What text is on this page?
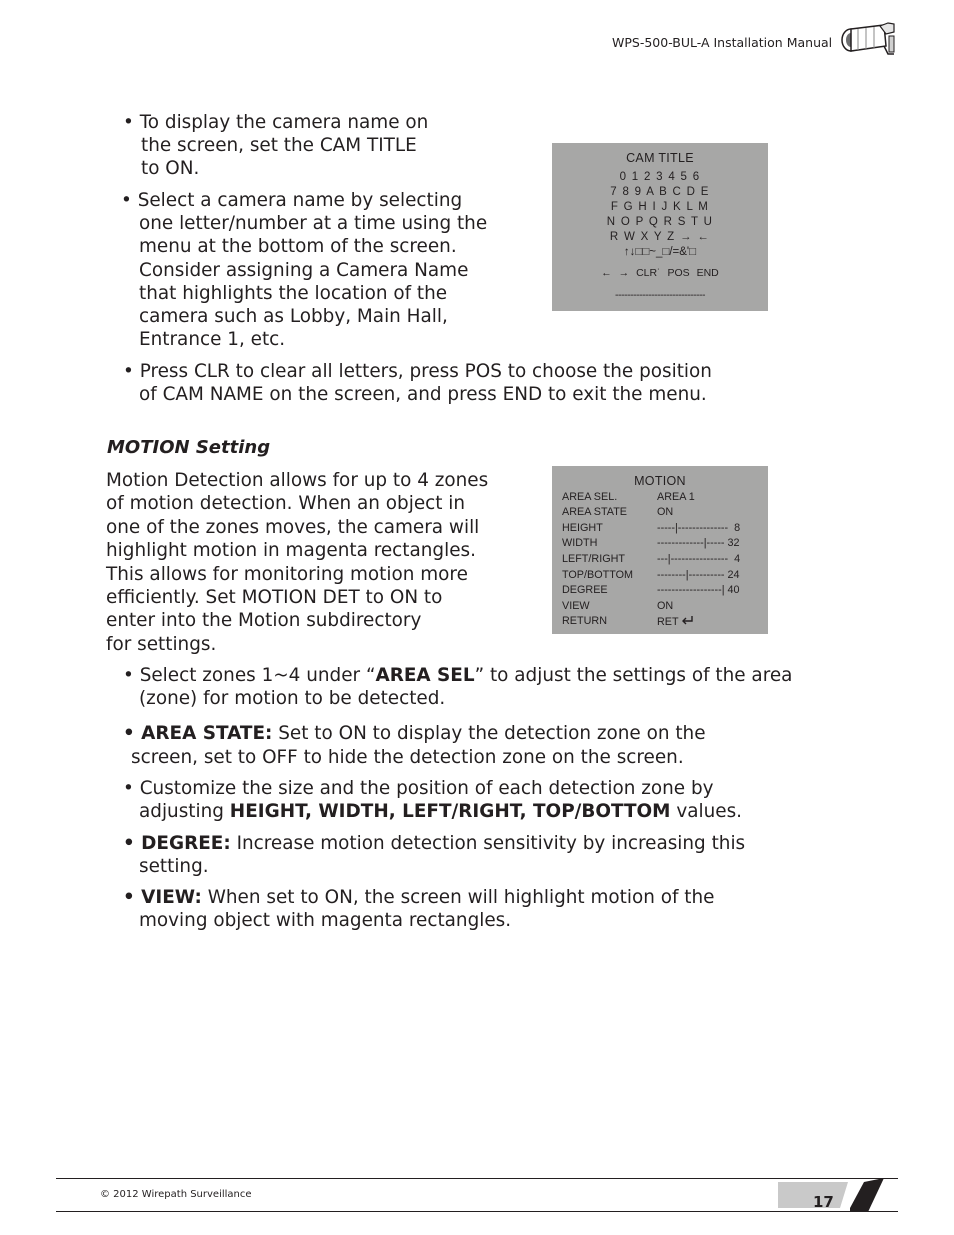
WPS-500-BUL-A Installation Manual
• To display the camera name on
the screen, set the CAM TITLE
to ON.
• Select a camera name by selecting
one letter/number at a time using the
menu at the bottom of the screen.
Consider assigning a Camera Name
that highlights the location of the
camera such as Lobby, Main Hall,
Entrance 1, etc.
• Press CLR to clear all letters, press POS to choose the position
of CAM NAME on the screen, and press END to exit the menu.
CAM TITLE
0 1 2 3 4 5 6
7 8 9 A B C D E
F G H I J K L M
N O P Q R S T U
R W X Y Z → ←
↑↓□□~_□/=&'□
← → CLR˙ POS END
------------------------------
MOTION Setting
Motion Detection allows for up to 4 zones
of motion detection. When an object in
one of the zones moves, the camera will
highlight motion in magenta rectangles.
This allows for monitoring motion more
efficiently. Set MOTION DET to ON to
enter into the Motion subdirectory
for settings.
MOTION
AREA SEL.	AREA 1
AREA STATE	ON
HEIGHT	-----|--------------  8
WIDTH	-------------|----- 32
LEFT/RIGHT	---|----------------  4
TOP/BOTTOM --------|---------- 24
DEGREE	------------------| 40
VIEW	ON
RETURN	RET
• Select zones 1~4 under “AREA SEL” to adjust the settings of the area
(zone) for motion to be detected.
• AREA STATE: Set to ON to display the detection zone on the
screen, set to OFF to hide the detection zone on the screen.
• Customize the size and the position of each detection zone by
adjusting HEIGHT, WIDTH, LEFT/RIGHT, TOP/BOTTOM values.
• DEGREE: Increase motion detection sensitivity by increasing this
setting.
• VIEW: When set to ON, the screen will highlight motion of the
moving object with magenta rectangles.
© 2012 Wirepath Surveillance	17
